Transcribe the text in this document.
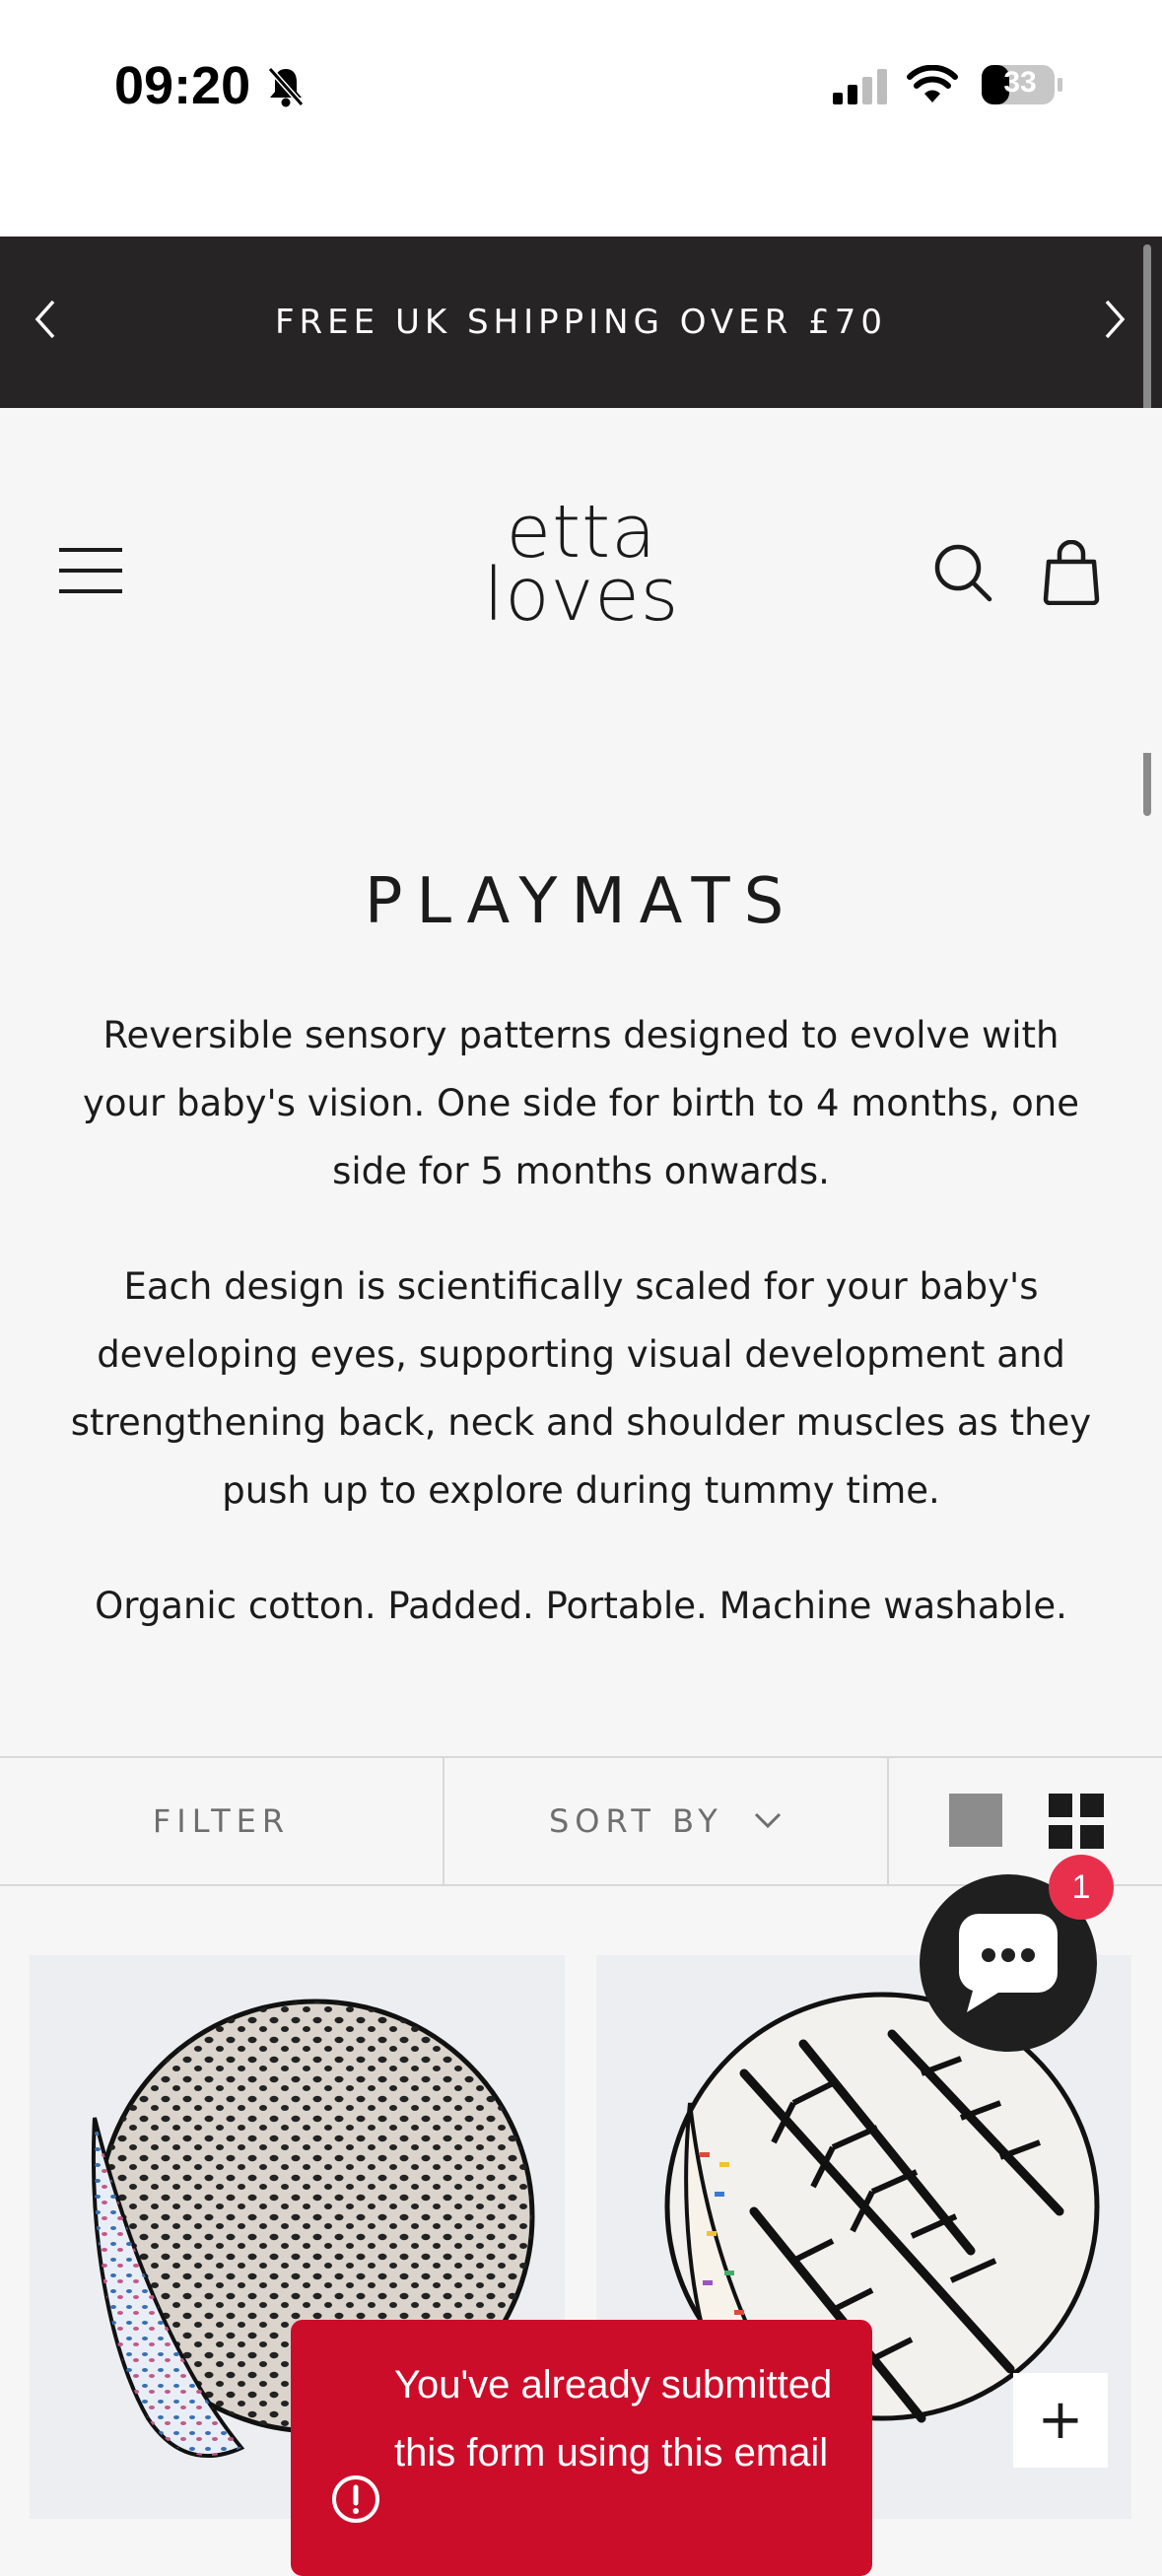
09:20	33
FREE UK SHIPPING OVER £70
etta
loves
PLAYMATS
Reversible sensory patterns designed to evolve with your baby's vision. One side for birth to 4 months, one side for 5 months onwards.
Each design is scientifically scaled for your baby's developing eyes, supporting visual development and strengthening back, neck and shoulder muscles as they push up to explore during tummy time.
Organic cotton. Padded. Portable. Machine washable.
FILTER	SORT BY
+
1
You've already submitted this form using this email
